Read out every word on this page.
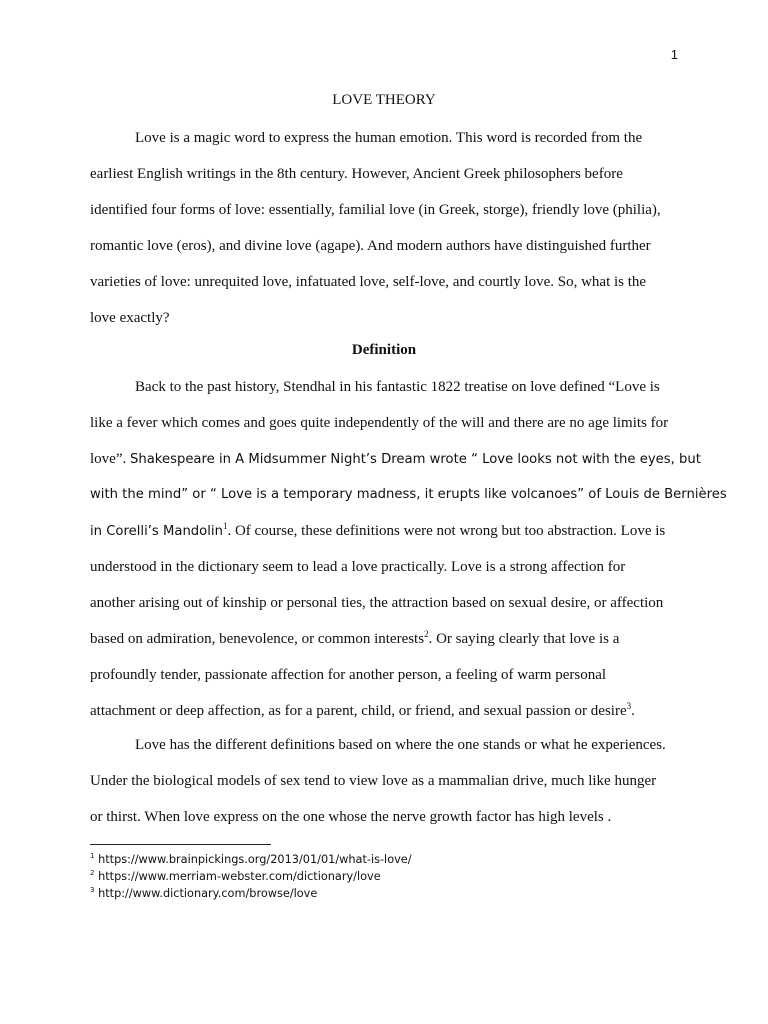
1
LOVE THEORY
Love is a magic word to express the human emotion. This word is recorded from the
earliest English writings in the 8th century. However, Ancient Greek philosophers before
identified four forms of love: essentially, familial love (in Greek, storge), friendly love (philia),
romantic love (eros), and divine love (agape). And modern authors have distinguished further
varieties of love: unrequited love, infatuated love, self-love, and courtly love. So, what is the
love exactly?
Definition
Back to the past history, Stendhal in his fantastic 1822 treatise on love defined “Love is
like a fever which comes and goes quite independently of the will and there are no age limits for
love”. Shakespeare in A Midsummer Night’s Dream wrote “ Love looks not with the eyes, but
with the mind” or “ Love is a temporary madness, it erupts like volcanoes” of Louis de Bernières
in Corelli’s Mandolin$^1$. Of course, these definitions were not wrong but too abstraction. Love is
understood in the dictionary seem to lead a love practically. Love is a strong affection for
another arising out of kinship or personal ties, the attraction based on sexual desire, or affection
based on admiration, benevolence, or common interests$^2$. Or saying clearly that love is a
profoundly tender, passionate affection for another person, a feeling of warm personal
attachment or deep affection, as for a parent, child, or friend, and sexual passion or desire$^3$.
Love has the different definitions based on where the one stands or what he experiences.
Under the biological models of sex tend to view love as a mammalian drive, much like hunger
or thirst. When love express on the one whose the nerve growth factor has high levels .
$^1$ https://www.brainpickings.org/2013/01/01/what-is-love/
$^2$ https://www.merriam-webster.com/dictionary/love
$^3$ http://www.dictionary.com/browse/love
